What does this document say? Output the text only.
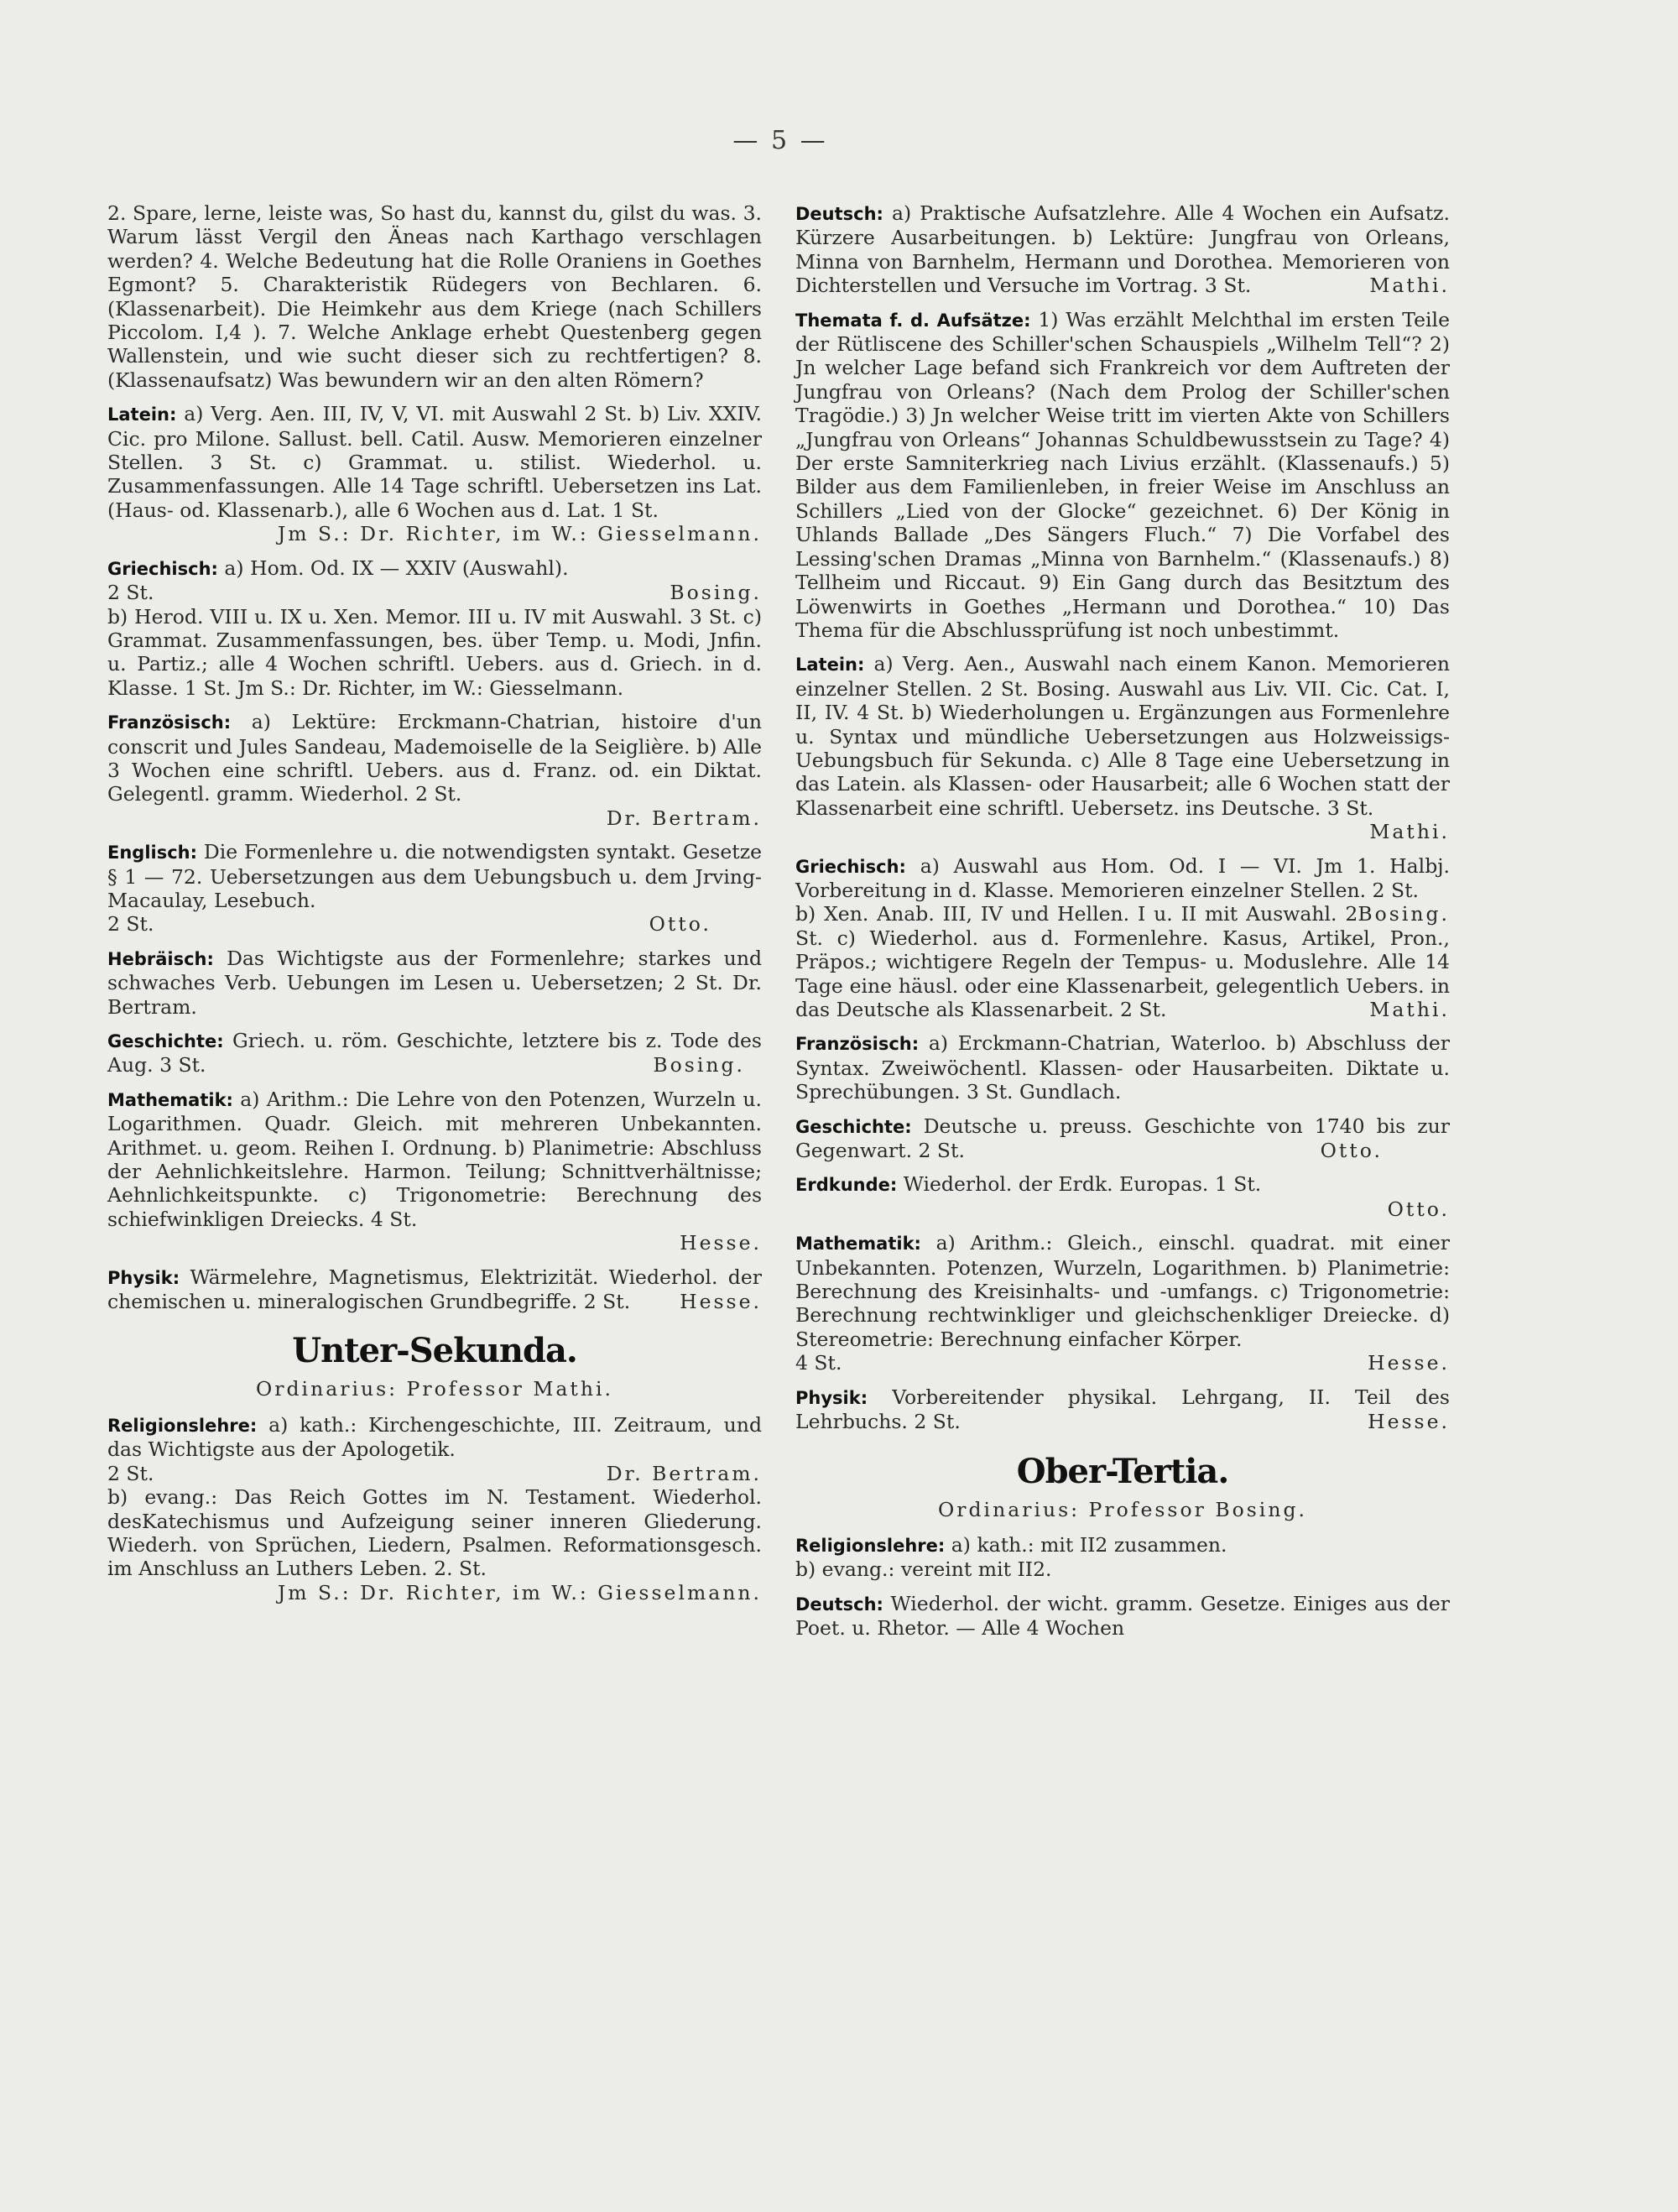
— 5 —

2. Spare, lerne, leiste was, So hast du, kannst du, gilst du was. 3. Warum lässt Vergil den Äneas nach Karthago verschlagen werden? 4. Welche Bedeutung hat die Rolle Oraniens in Goethes Egmont? 5. Charakteristik Rüdegers von Bechlaren. 6. (Klassenarbeit). Die Heimkehr aus dem Kriege (nach Schillers Piccolom. I,4 ). 7. Welche Anklage erhebt Questenberg gegen Wallenstein, und wie sucht dieser sich zu rechtfertigen? 8. (Klassenaufsatz) Was bewundern wir an den alten Römern?

Latein: a) Verg. Aen. III, IV, V, VI. mit Auswahl 2 St. b) Liv. XXIV. Cic. pro Milone. Sallust. bell. Catil. Ausw. Memorieren einzelner Stellen. 3 St. c) Grammat. u. stilist. Wiederhol. u. Zusammenfassungen. Alle 14 Tage schriftl. Uebersetzen ins Lat. (Haus- od. Klassenarb.), alle 6 Wochen aus d. Lat. 1 St.
Jm S.: Dr. Richter, im W.: Giesselmann.

Griechisch: a) Hom. Od. IX — XXIV (Auswahl).
2 St.	Bosing.

b) Herod. VIII u. IX u. Xen. Memor. III u. IV mit Auswahl. 3 St. c) Grammat. Zusammenfassungen, bes. über Temp. u. Modi, Jnfin. u. Partiz.; alle 4 Wochen schriftl. Uebers. aus d. Griech. in d. Klasse. 1 St. Jm S.: Dr. Richter, im W.: Giesselmann.

Französisch: a) Lektüre: Erckmann-Chatrian, histoire d'un conscrit und Jules Sandeau, Mademoiselle de la Seiglière. b) Alle 3 Wochen eine schriftl. Uebers. aus d. Franz. od. ein Diktat. Gelegentl. gramm. Wiederhol. 2 St.
Dr. Bertram.

Englisch: Die Formenlehre u. die notwendigsten syntakt. Gesetze § 1 — 72. Uebersetzungen aus dem Uebungsbuch u. dem Jrving-Macaulay, Lesebuch.
2 St.	Otto.

Hebräisch: Das Wichtigste aus der Formenlehre; starkes und schwaches Verb. Uebungen im Lesen u. Uebersetzen; 2 St. Dr. Bertram.

Geschichte: Griech. u. röm. Geschichte, letztere bis z. Tode des Aug. 3 St.	Bosing.

Mathematik: a) Arithm.: Die Lehre von den Potenzen, Wurzeln u. Logarithmen. Quadr. Gleich. mit mehreren Unbekannten. Arithmet. u. geom. Reihen I. Ordnung. b) Planimetrie: Abschluss der Aehnlichkeitslehre. Harmon. Teilung; Schnittverhältnisse; Aehnlichkeitspunkte. c) Trigonometrie: Berechnung des schiefwinkligen Dreiecks. 4 St.
Hesse.

Physik: Wärmelehre, Magnetismus, Elektrizität. Wiederhol. der chemischen u. mineralogischen Grundbegriffe. 2 St.	Hesse.

Unter-Sekunda.
Ordinarius: Professor Mathi.

Religionslehre: a) kath.: Kirchengeschichte, III. Zeitraum, und das Wichtigste aus der Apologetik.
2 St.	Dr. Bertram.

b) evang.: Das Reich Gottes im N. Testament. Wiederhol. desKatechismus und Aufzeigung seiner inneren Gliederung. Wiederh. von Sprüchen, Liedern, Psalmen. Reformationsgesch. im Anschluss an Luthers Leben. 2. St.

Jm S.: Dr. Richter, im W.: Giesselmann.

Deutsch: a) Praktische Aufsatzlehre. Alle 4 Wochen ein Aufsatz. Kürzere Ausarbeitungen. b) Lektüre: Jungfrau von Orleans, Minna von Barnhelm, Hermann und Dorothea. Memorieren von Dichterstellen und Versuche im Vortrag. 3 St.	Mathi.

Themata f. d. Aufsätze: 1) Was erzählt Melchthal im ersten Teile der Rütliscene des Schiller'schen Schauspiels „Wilhelm Tell“? 2) Jn welcher Lage befand sich Frankreich vor dem Auftreten der Jungfrau von Orleans? (Nach dem Prolog der Schiller'schen Tragödie.) 3) Jn welcher Weise tritt im vierten Akte von Schillers „Jungfrau von Orleans“ Johannas Schuldbewusstsein zu Tage? 4) Der erste Samniterkrieg nach Livius erzählt. (Klassenaufs.) 5) Bilder aus dem Familienleben, in freier Weise im Anschluss an Schillers „Lied von der Glocke“ gezeichnet. 6) Der König in Uhlands Ballade „Des Sängers Fluch.“ 7) Die Vorfabel des Lessing'schen Dramas „Minna von Barnhelm.“ (Klassenaufs.) 8) Tellheim und Riccaut. 9) Ein Gang durch das Besitztum des Löwenwirts in Goethes „Hermann und Dorothea.“ 10) Das Thema für die Abschlussprüfung ist noch unbestimmt.

Latein: a) Verg. Aen., Auswahl nach einem Kanon. Memorieren einzelner Stellen. 2 St. Bosing. Auswahl aus Liv. VII. Cic. Cat. I, II, IV. 4 St. b) Wiederholungen u. Ergänzungen aus Formenlehre u. Syntax und mündliche Uebersetzungen aus Holzweissigs-Uebungsbuch für Sekunda. c) Alle 8 Tage eine Uebersetzung in das Latein. als Klassen- oder Hausarbeit; alle 6 Wochen statt der Klassenarbeit eine schriftl. Uebersetz. ins Deutsche. 3 St.
Mathi.

Griechisch: a) Auswahl aus Hom. Od. I — VI. Jm 1. Halbj. Vorbereitung in d. Klasse. Memorieren einzelner Stellen. 2 St.
Bosing.

b) Xen. Anab. III, IV und Hellen. I u. II mit Auswahl. 2 St. c) Wiederhol. aus d. Formenlehre. Kasus, Artikel, Pron., Präpos.; wichtigere Regeln der Tempus- u. Moduslehre. Alle 14 Tage eine häusl. oder eine Klassenarbeit, gelegentlich Uebers. in das Deutsche als Klassenarbeit. 2 St.	Mathi.

Französisch: a) Erckmann-Chatrian, Waterloo. b) Abschluss der Syntax. Zweiwöchentl. Klassen- oder Hausarbeiten. Diktate u. Sprechübungen. 3 St. Gundlach.

Geschichte: Deutsche u. preuss. Geschichte von 1740 bis zur Gegenwart. 2 St.	Otto.

Erdkunde: Wiederhol. der Erdk. Europas. 1 St.
Otto.

Mathematik: a) Arithm.: Gleich., einschl. quadrat. mit einer Unbekannten. Potenzen, Wurzeln, Logarithmen. b) Planimetrie: Berechnung des Kreisinhalts- und -umfangs. c) Trigonometrie: Berechnung rechtwinkliger und gleichschenkliger Dreiecke. d) Stereometrie: Berechnung einfacher Körper.
4 St.	Hesse.

Physik: Vorbereitender physikal. Lehrgang, II. Teil des Lehrbuchs. 2 St.	Hesse.

Ober-Tertia.
Ordinarius: Professor Bosing.

Religionslehre: a) kath.: mit II2 zusammen.
b) evang.: vereint mit II2.

Deutsch: Wiederhol. der wicht. gramm. Gesetze. Einiges aus der Poet. u. Rhetor. — Alle 4 Wochen
